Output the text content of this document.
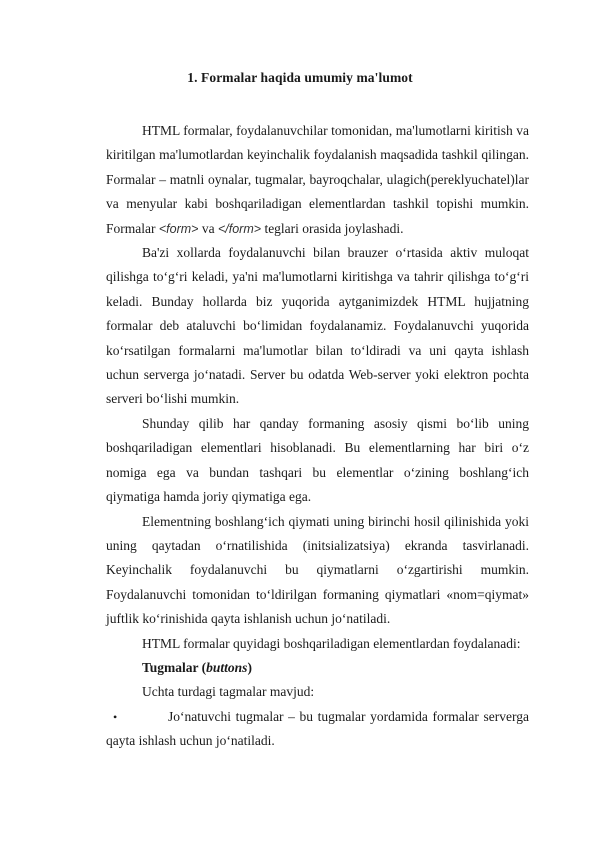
1. Formalar haqida umumiy ma'lumot

HTML formalar, foydalanuvchilar tomonidan, ma'lumotlarni kiritish va kiritilgan ma'lumotlardan keyinchalik foydalanish maqsadida tashkil qilingan. Formalar – matnli oynalar, tugmalar, bayroqchalar, ulagich(pereklyuchatel)lar va menyular kabi boshqariladigan elementlardan tashkil topishi mumkin. Formalar <form> va </form> teglari orasida joylashadi.

Ba'zi xollarda foydalanuvchi bilan brauzer o‘rtasida aktiv muloqat qilishga to‘g‘ri keladi, ya'ni ma'lumotlarni kiritishga va tahrir qilishga to‘g‘ri keladi. Bunday hollarda biz yuqorida aytganimizdek HTML hujjatning formalar deb ataluvchi bo‘limidan foydalanamiz. Foydalanuvchi yuqorida ko‘rsatilgan formalarni ma'lumotlar bilan to‘ldiradi va uni qayta ishlash uchun serverga jo‘natadi. Server bu odatda Web-server yoki elektron pochta serveri bo‘lishi mumkin.

Shunday qilib har qanday formaning asosiy qismi bo‘lib uning boshqariladigan elementlari hisoblanadi. Bu elementlarning har biri o‘z nomiga ega va bundan tashqari bu elementlar o‘zining boshlang‘ich qiymatiga hamda joriy qiymatiga ega.

Elementning boshlang‘ich qiymati uning birinchi hosil qilinishida yoki uning qaytadan o‘rnatilishida (initsializatsiya) ekranda tasvirlanadi. Keyinchalik foydalanuvchi bu qiymatlarni o‘zgartirishi mumkin. Foydalanuvchi tomonidan to‘ldirilgan formaning qiymatlari «nom=qiymat» juftlik ko‘rinishida qayta ishlanish uchun jo‘natiladi.

HTML formalar quyidagi boshqariladigan elementlardan foydalanadi:

Tugmalar (buttons)

Uchta turdagi tagmalar mavjud:

•	Jo‘natuvchi tugmalar – bu tugmalar yordamida formalar serverga qayta ishlash uchun jo‘natiladi.
